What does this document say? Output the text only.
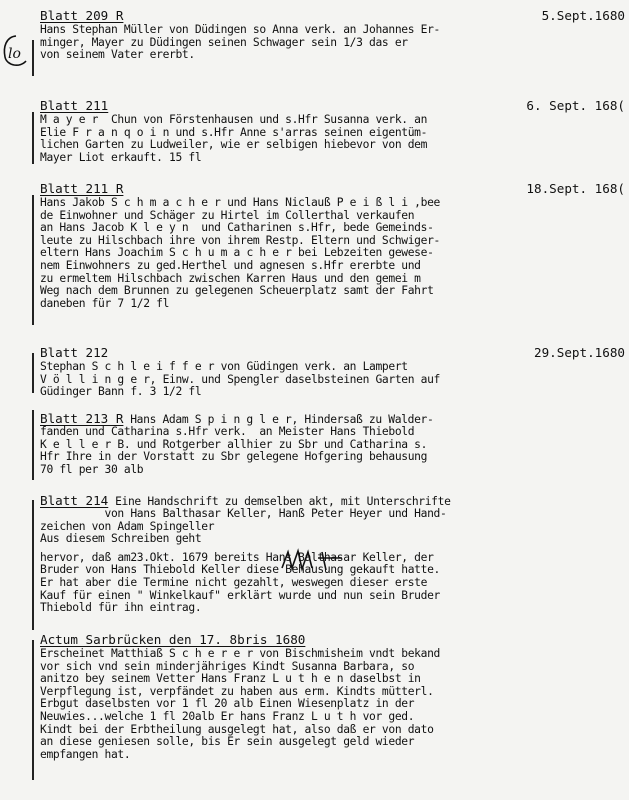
lo
Blatt 209 R	5.Sept.1680
Hans Stephan Müller von Düdingen so Anna verk. an Johannes Er-
minger, Mayer zu Düdingen seinen Schwager sein 1/3 das er
von seinem Vater ererbt.
Blatt 211	6. Sept. 168(
M a y e r  Chun von Förstenhausen und s.Hfr Susanna verk. an
Elie F r a n q o i n und s.Hfr Anne s'arras seinen eigentüm-
lichen Garten zu Ludweiler, wie er selbigen hiebevor von dem
Mayer Liot erkauft. 15 fl
Blatt 211 R	18.Sept. 168(
Hans Jakob S c h m a c h e r und Hans Niclauß P e i ß l i ,bee
de Einwohner und Schäger zu Hirtel im Collerthal verkaufen
an Hans Jacob K l e y n  und Catharinen s.Hfr, bede Gemeinds-
leute zu Hilschbach ihre von ihrem Restp. Eltern und Schwiger-
eltern Hans Joachim S c h u m a c h e r bei Lebzeiten gewese-
nem Einwohners zu ged.Herthel und agnesen s.Hfr ererbte und
zu ermeltem Hilschbach zwischen Karren Haus und den gemei m
Weg nach dem Brunnen zu gelegenen Scheuerplatz samt der Fahrt
daneben für 7 1/2 fl
Blatt 212	29.Sept.1680
Stephan S c h l e i f f e r von Güdingen verk. an Lampert
V ö l l i n g e r, Einw. und Spengler daselbsteinen Garten auf
Güdinger Bann f. 3 1/2 fl
Blatt 213 R Hans Adam S p i n g l e r, Hindersaß zu Walder-
fanden und Catharina s.Hfr verk.  an Meister Hans Thiebold
K e l l e r B. und Rotgerber allhier zu Sbr und Catharina s.
Hfr Ihre in der Vorstatt zu Sbr gelegene Hofgering behausung
70 fl per 30 alb
Blatt 214 Eine Handschrift zu demselben akt, mit Unterschrifte
von Hans Balthasar Keller, Hanß Peter Heyer und Hand-
zeichen von Adam Spingeller
Aus diesem Schreiben geht
hervor, daß am23.Okt. 1679 bereits Hans Balthasar Keller, der
Bruder von Hans Thiebold Keller diese Behausung gekauft hatte.
Er hat aber die Termine nicht gezahlt, weswegen dieser erste
Kauf für einen " Winkelkauf" erklärt wurde und nun sein Bruder
Thiebold für ihn eintrag.
Actum Sarbrücken den 17. 8bris 1680
Erscheinet Matthiaß S c h e r e r von Bischmisheim vndt bekand
vor sich vnd sein minderjähriges Kindt Susanna Barbara, so
anitzo bey seinem Vetter Hans Franz L u t h e n daselbst in
Verpflegung ist, verpfändet zu haben aus erm. Kindts mütterl.
Erbgut daselbsten vor 1 fl 20 alb Einen Wiesenplatz in der
Neuwies...welche 1 fl 20alb Er hans Franz L u t h vor ged.
Kindt bei der Erbtheilung ausgelegt hat, also daß er von dato
an diese geniesen solle, bis Er sein ausgelegt geld wieder
empfangen hat.
